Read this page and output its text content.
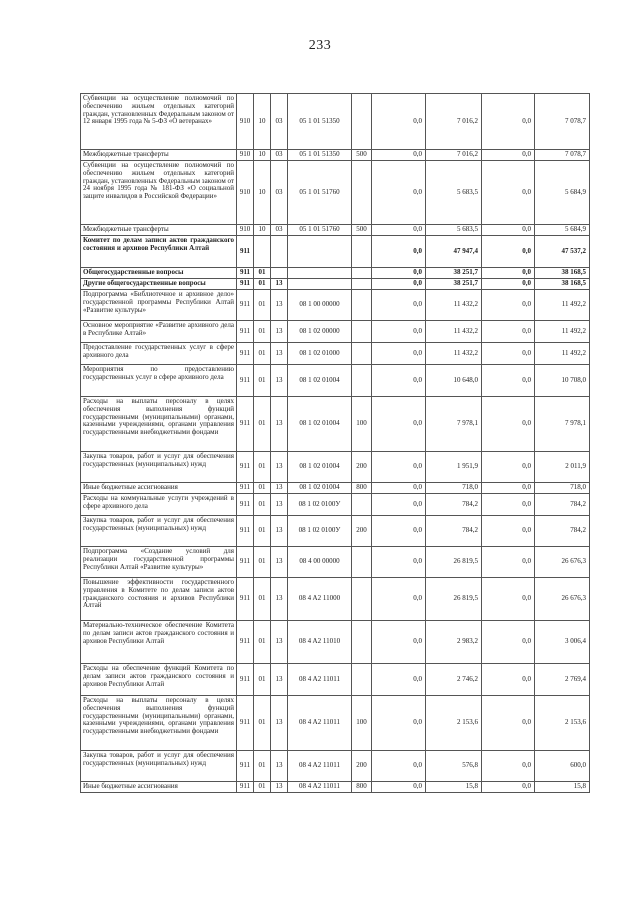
233
Субвенции на осуществление полномочий по обеспечению жильем отдельных категорий граждан, установленных Федеральным законом от 12 января 1995 года № 5-ФЗ «О ветеранах»	910	10	03	05 1 01 51350		0,0	7 016,2	0,0	7 078,7
Межбюджетные трансферты	910	10	03	05 1 01 51350	500	0,0	7 016,2	0,0	7 078,7
Субвенции на осуществление полномочий по обеспечению жильем отдельных категорий граждан, установленных Федеральным законом от 24 ноября 1995 года № 181-ФЗ «О социальной защите инвалидов в Российской Федерации»	910	10	03	05 1 01 51760		0,0	5 683,5	0,0	5 684,9
Межбюджетные трансферты	910	10	03	05 1 01 51760	500	0,0	5 683,5	0,0	5 684,9
Комитет по делам записи актов гражданского состояния и архивов Республики Алтай	911					0,0	47 947,4	0,0	47 537,2
Общегосударственные вопросы	911	01				0,0	38 251,7	0,0	38 168,5
Другие общегосударственные вопросы	911	01	13			0,0	38 251,7	0,0	38 168,5
Подпрограмма «Библиотечное и архивное дело» государственной программы Республики Алтай «Развитие культуры»	911	01	13	08 1 00 00000		0,0	11 432,2	0,0	11 492,2
Основное мероприятие «Развитие архивного дела в Республике Алтай»	911	01	13	08 1 02 00000		0,0	11 432,2	0,0	11 492,2
Предоставление государственных услуг в сфере архивного дела	911	01	13	08 1 02 01000		0,0	11 432,2	0,0	11 492,2
Мероприятия по предоставлению государственных услуг в сфере архивного дела	911	01	13	08 1 02 01004		0,0	10 648,0	0,0	10 708,0
Расходы на выплаты персоналу в целях обеспечения выполнения функций государственными (муниципальными) органами, казенными учреждениями, органами управления государственными внебюджетными фондами	911	01	13	08 1 02 01004	100	0,0	7 978,1	0,0	7 978,1
Закупка товаров, работ и услуг для обеспечения государственных (муниципальных) нужд	911	01	13	08 1 02 01004	200	0,0	1 951,9	0,0	2 011,9
Иные бюджетные ассигнования	911	01	13	08 1 02 01004	800	0,0	718,0	0,0	718,0
Расходы на коммунальные услуги учреждений в сфере архивного дела	911	01	13	08 1 02 0100У		0,0	784,2	0,0	784,2
Закупка товаров, работ и услуг для обеспечения государственных (муниципальных) нужд	911	01	13	08 1 02 0100У	200	0,0	784,2	0,0	784,2
Подпрограмма «Создание условий для реализации государственной программы Республики Алтай «Развитие культуры»	911	01	13	08 4 00 00000		0,0	26 819,5	0,0	26 676,3
Повышение эффективности государственного управления в Комитете по делам записи актов гражданского состояния и архивов Республики Алтай	911	01	13	08 4 A2 11000		0,0	26 819,5	0,0	26 676,3
Материально-техническое обеспечение Комитета по делам записи актов гражданского состояния и архивов Республики Алтай	911	01	13	08 4 A2 11010		0,0	2 983,2	0,0	3 006,4
Расходы на обеспечение функций Комитета по делам записи актов гражданского состояния и архивов Республики Алтай	911	01	13	08 4 A2 11011		0,0	2 746,2	0,0	2 769,4
Расходы на выплаты персоналу в целях обеспечения выполнения функций государственными (муниципальными) органами, казенными учреждениями, органами управления государственными внебюджетными фондами	911	01	13	08 4 A2 11011	100	0,0	2 153,6	0,0	2 153,6
Закупка товаров, работ и услуг для обеспечения государственных (муниципальных) нужд	911	01	13	08 4 A2 11011	200	0,0	576,8	0,0	600,0
Иные бюджетные ассигнования	911	01	13	08 4 A2 11011	800	0,0	15,8	0,0	15,8
